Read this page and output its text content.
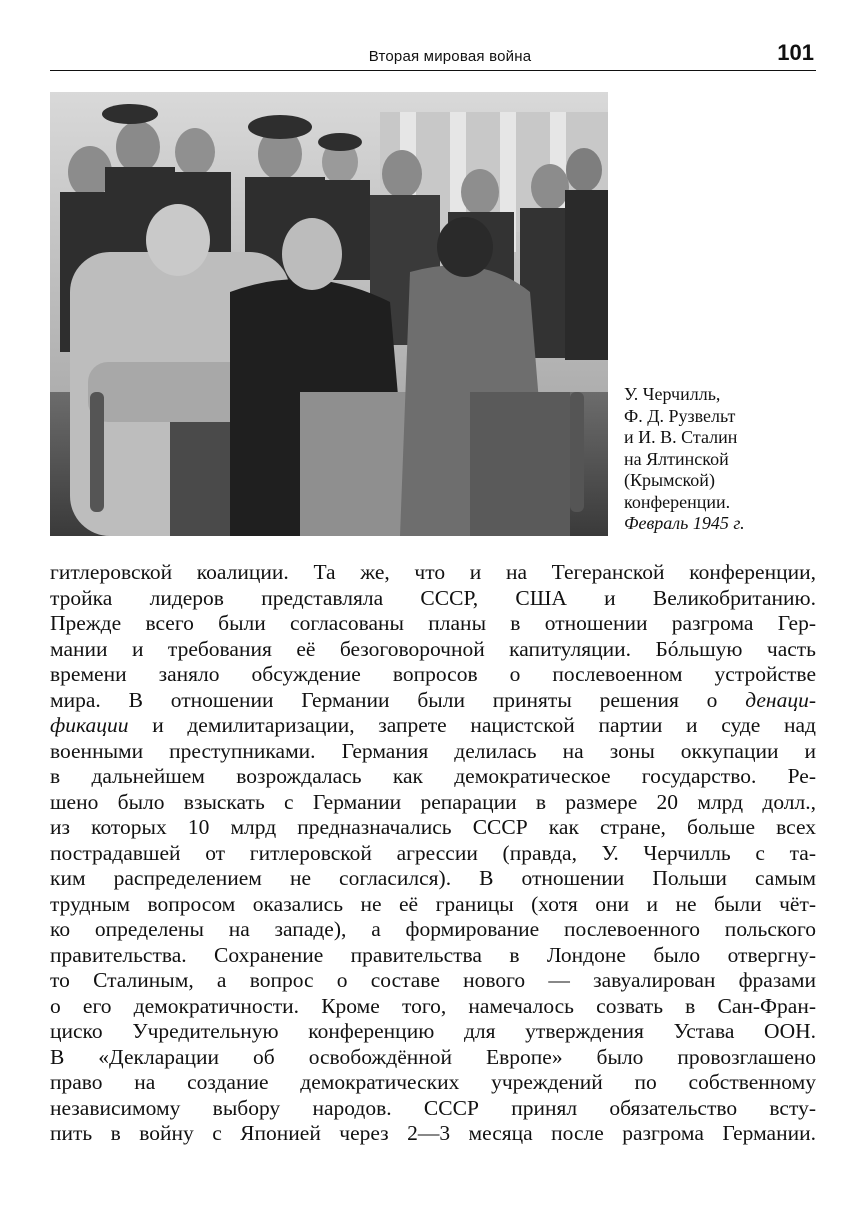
Вторая мировая война	101
У. Черчилль,
Ф. Д. Рузвельт
и И. В. Сталин
на Ялтинской
(Крымской)
конференции.
Февраль 1945 г.
гитлеровской коалиции. Та же, что и на Тегеранской конференции,
тройка лидеров представляла СССР, США и Великобританию.
Прежде всего были согласованы планы в отношении разгрома Гер-
мании и требования её безоговорочной капитуляции. Бóльшую часть
времени заняло обсуждение вопросов о послевоенном устройстве
мира. В отношении Германии были приняты решения о денаци-
фикации и демилитаризации, запрете нацистской партии и суде над
военными преступниками. Германия делилась на зоны оккупации и
в дальнейшем возрождалась как демократическое государство. Ре-
шено было взыскать с Германии репарации в размере 20 млрд долл.,
из которых 10 млрд предназначались СССР как стране, больше всех
пострадавшей от гитлеровской агрессии (правда, У. Черчилль с та-
ким распределением не согласился). В отношении Польши самым
трудным вопросом оказались не её границы (хотя они и не были чёт-
ко определены на западе), а формирование послевоенного польского
правительства. Сохранение правительства в Лондоне было отвергну-
то Сталиным, а вопрос о составе нового — завуалирован фразами
о его демократичности. Кроме того, намечалось созвать в Сан-Фран-
циско Учредительную конференцию для утверждения Устава ООН.
В «Декларации об освобождённой Европе» было провозглашено
право на создание демократических учреждений по собственному
независимому выбору народов. СССР принял обязательство всту-
пить в войну с Японией через 2—3 месяца после разгрома Германии.
